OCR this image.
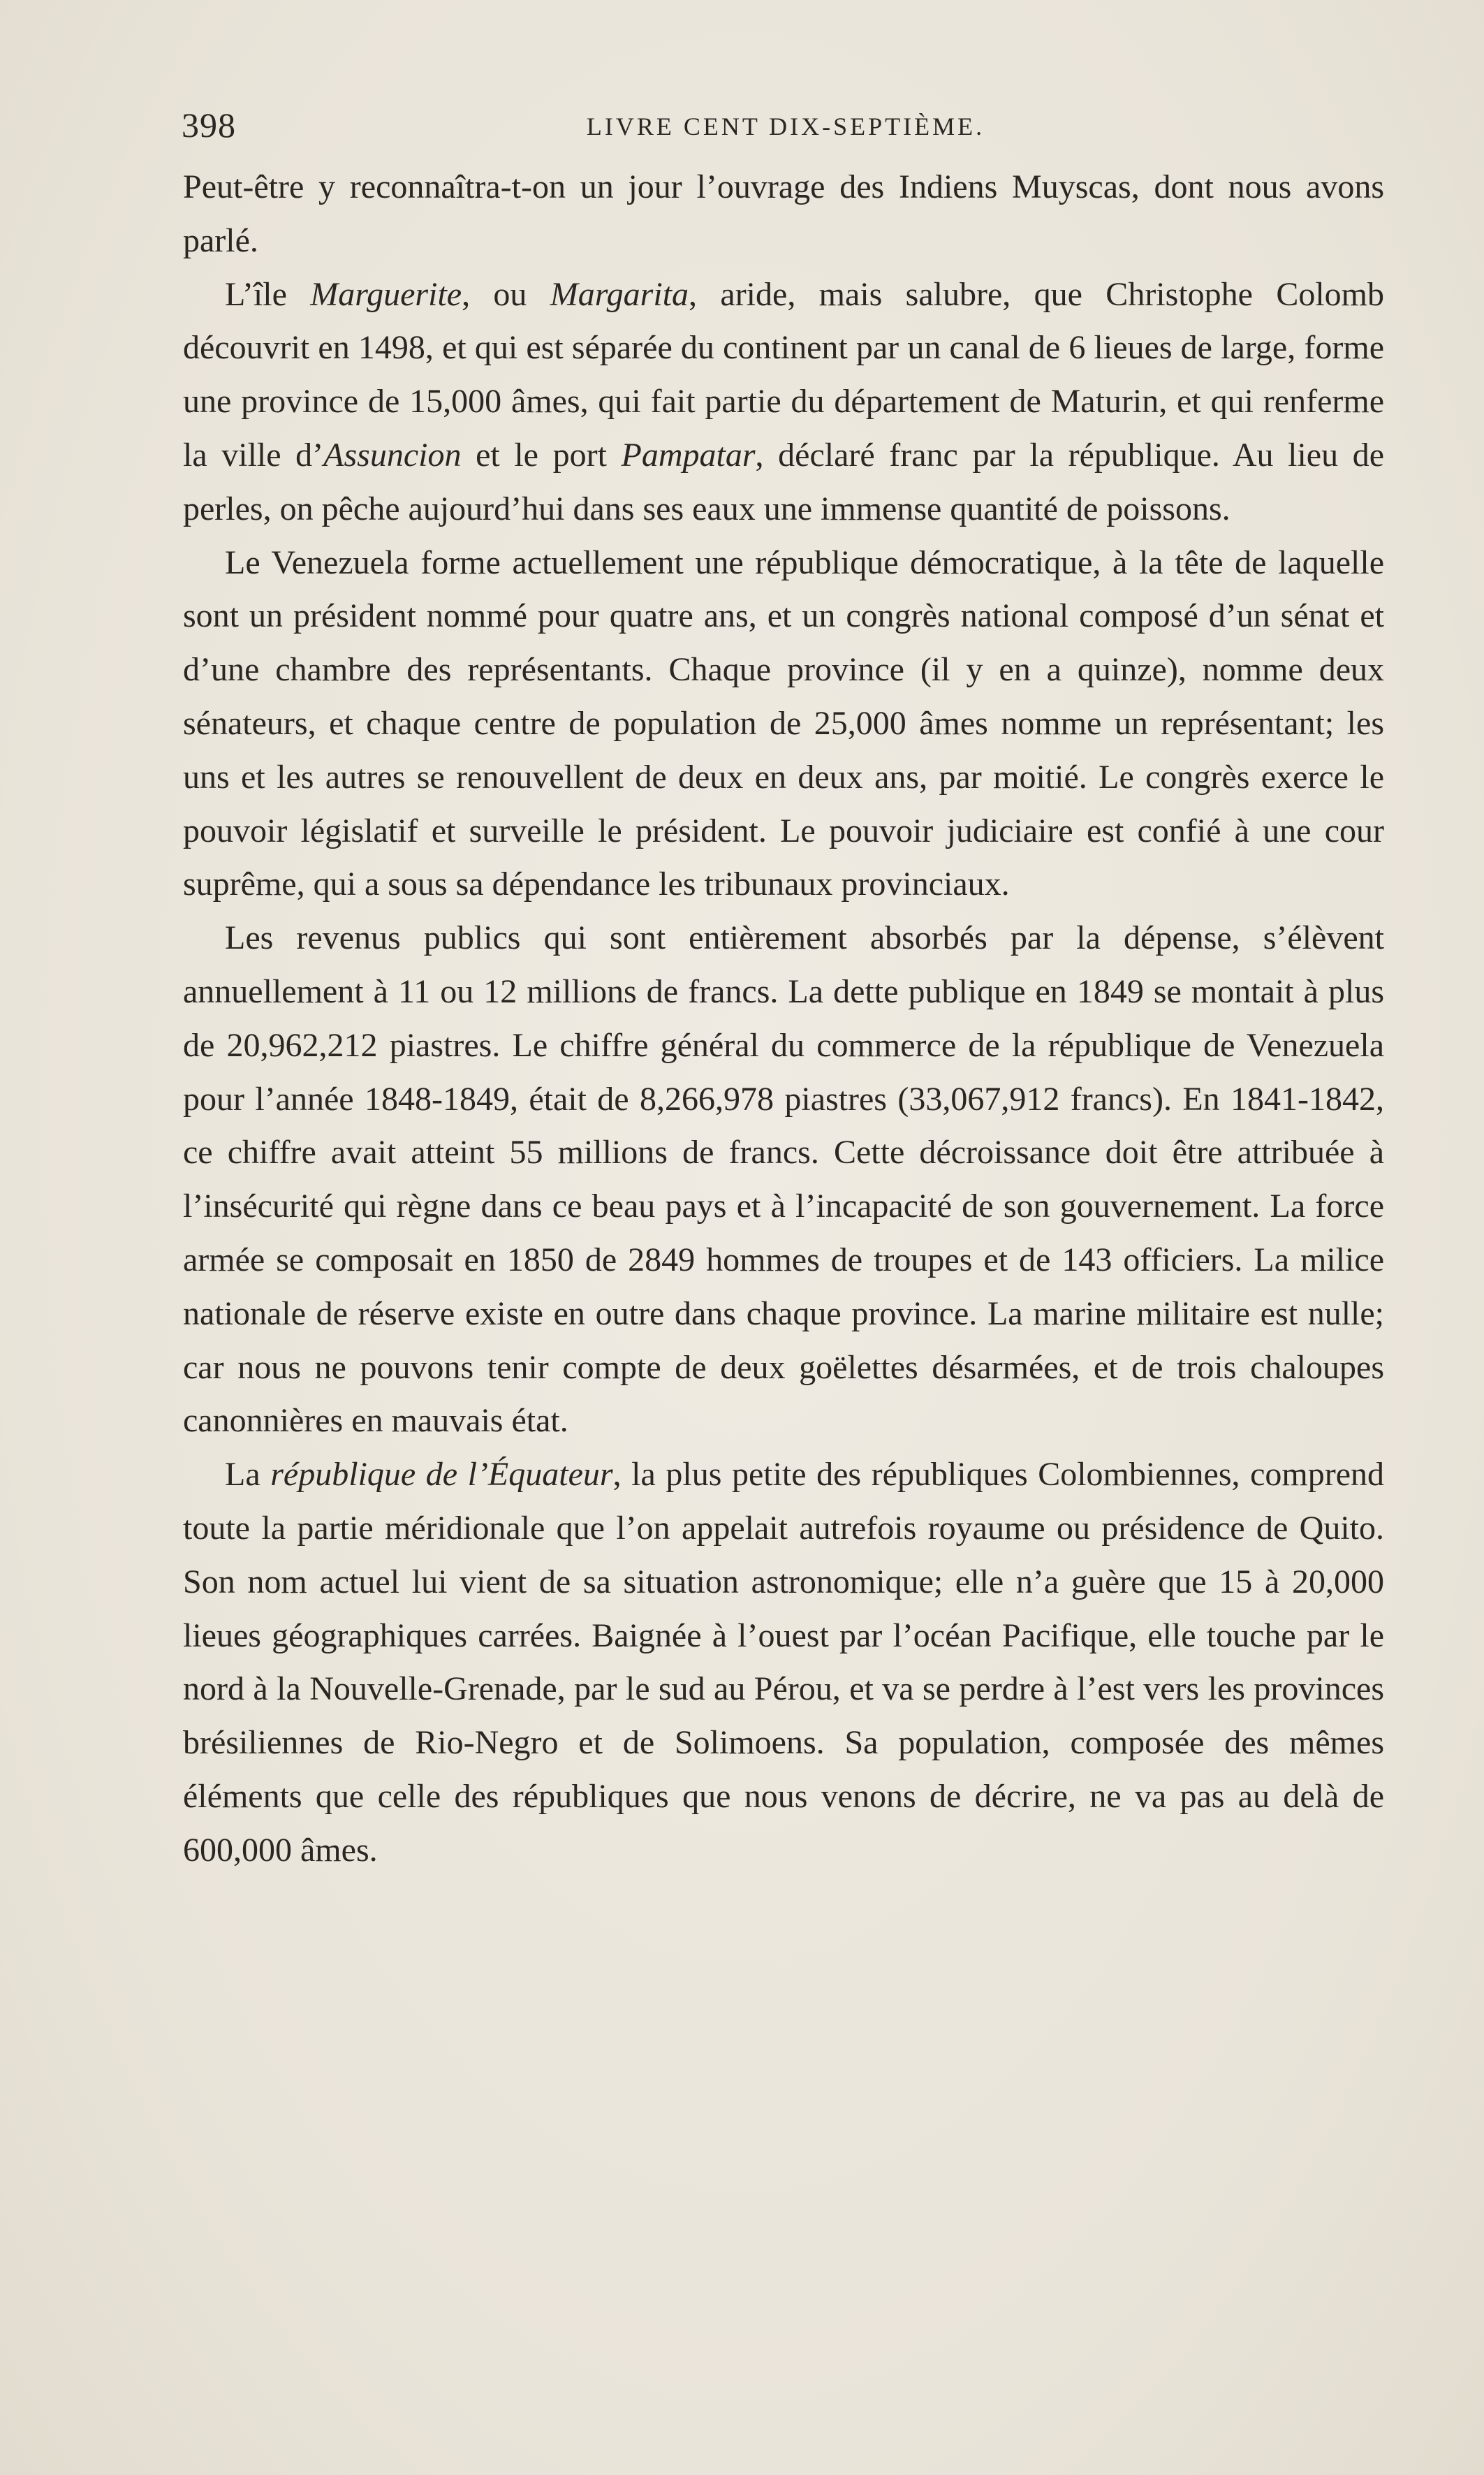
398	LIVRE CENT DIX-SEPTIÈME.

Peut-être y reconnaîtra-t-on un jour l’ouvrage des Indiens Muyscas, dont nous avons parlé.

L’île Marguerite, ou Margarita, aride, mais salubre, que Christophe Colomb découvrit en 1498, et qui est séparée du continent par un canal de 6 lieues de large, forme une province de 15,000 âmes, qui fait partie du département de Maturin, et qui renferme la ville d’Assuncion et le port Pampatar, déclaré franc par la république. Au lieu de perles, on pêche aujourd’hui dans ses eaux une immense quantité de poissons.

Le Venezuela forme actuellement une république démocratique, à la tête de laquelle sont un président nommé pour quatre ans, et un congrès national composé d’un sénat et d’une chambre des représentants. Chaque province (il y en a quinze), nomme deux sénateurs, et chaque centre de population de 25,000 âmes nomme un représentant; les uns et les autres se renouvellent de deux en deux ans, par moitié. Le congrès exerce le pouvoir législatif et surveille le président. Le pouvoir judiciaire est confié à une cour suprême, qui a sous sa dépendance les tribunaux provinciaux.

Les revenus publics qui sont entièrement absorbés par la dépense, s’élèvent annuellement à 11 ou 12 millions de francs. La dette publique en 1849 se montait à plus de 20,962,212 piastres. Le chiffre général du commerce de la république de Venezuela pour l’année 1848-1849, était de 8,266,978 piastres (33,067,912 francs). En 1841-1842, ce chiffre avait atteint 55 millions de francs. Cette décroissance doit être attribuée à l’insécurité qui règne dans ce beau pays et à l’incapacité de son gouvernement. La force armée se composait en 1850 de 2849 hommes de troupes et de 143 officiers. La milice nationale de réserve existe en outre dans chaque province. La marine militaire est nulle; car nous ne pouvons tenir compte de deux goëlettes désarmées, et de trois chaloupes canonnières en mauvais état.

La république de l’Équateur, la plus petite des républiques Colombiennes, comprend toute la partie méridionale que l’on appelait autrefois royaume ou présidence de Quito. Son nom actuel lui vient de sa situation astronomique; elle n’a guère que 15 à 20,000 lieues géographiques carrées. Baignée à l’ouest par l’océan Pacifique, elle touche par le nord à la Nouvelle-Grenade, par le sud au Pérou, et va se perdre à l’est vers les provinces brésiliennes de Rio-Negro et de Solimoens. Sa population, composée des mêmes éléments que celle des républiques que nous venons de décrire, ne va pas au delà de 600,000 âmes.
